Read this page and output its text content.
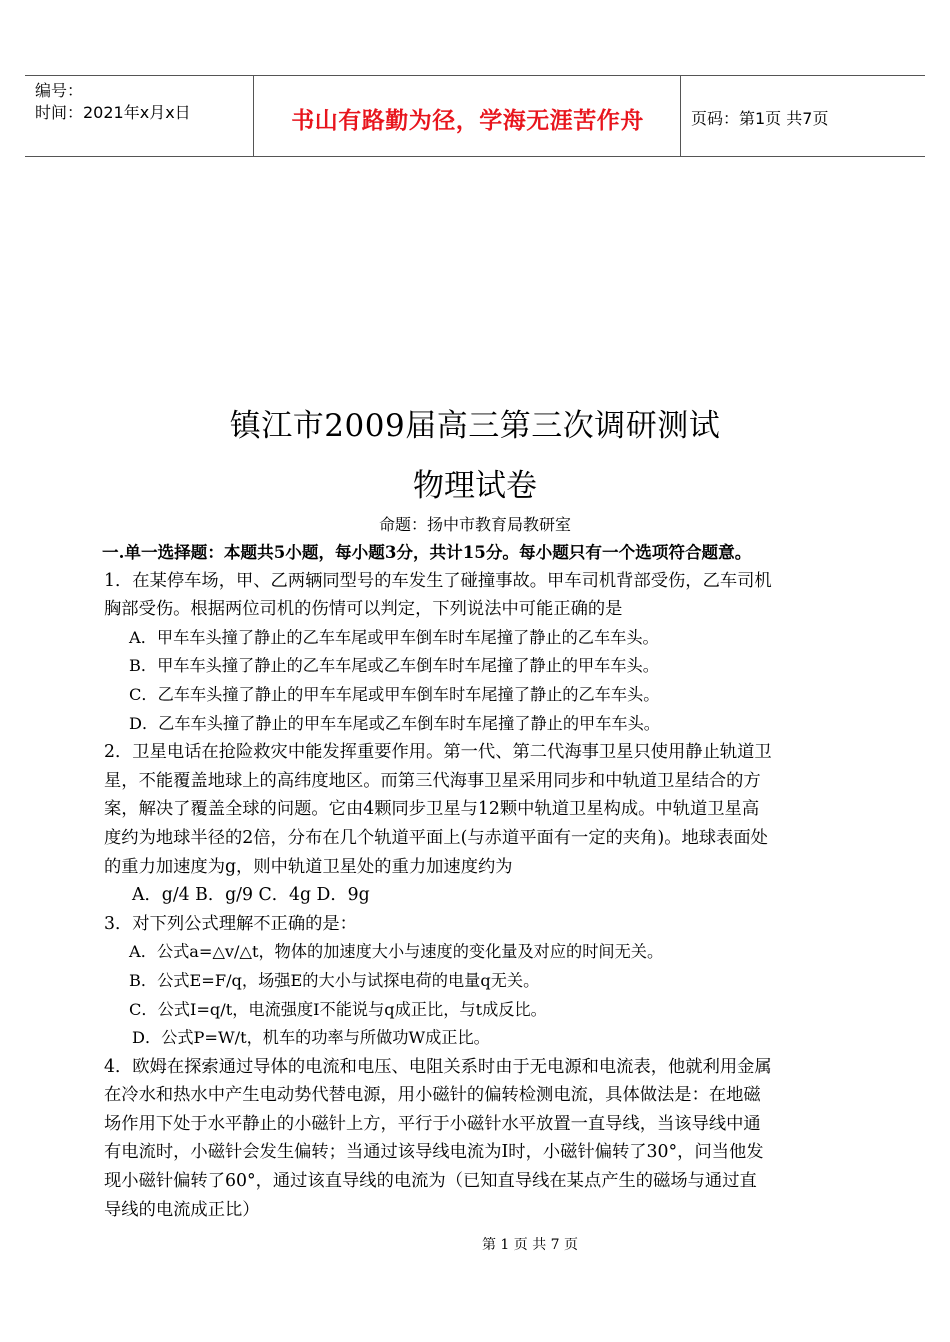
编号：
时间：2021年x月x日	书山有路勤为径，学海无涯苦作舟	页码：第1页 共7页
镇江市2009届高三第三次调研测试
物理试卷
命题：扬中市教育局教研室
一.单一选择题：本题共5小题，每小题3分，共计15分。每小题只有一个选项符合题意。
1．在某停车场，甲、乙两辆同型号的车发生了碰撞事故。甲车司机背部受伤，乙车司机
胸部受伤。根据两位司机的伤情可以判定，下列说法中可能正确的是
A．甲车车头撞了静止的乙车车尾或甲车倒车时车尾撞了静止的乙车车头。
B．甲车车头撞了静止的乙车车尾或乙车倒车时车尾撞了静止的甲车车头。
C．乙车车头撞了静止的甲车车尾或甲车倒车时车尾撞了静止的乙车车头。
D．乙车车头撞了静止的甲车车尾或乙车倒车时车尾撞了静止的甲车车头。
2．卫星电话在抢险救灾中能发挥重要作用。第一代、第二代海事卫星只使用静止轨道卫
星，不能覆盖地球上的高纬度地区。而第三代海事卫星采用同步和中轨道卫星结合的方
案，解决了覆盖全球的问题。它由4颗同步卫星与12颗中轨道卫星构成。中轨道卫星高
度约为地球半径的2倍，分布在几个轨道平面上(与赤道平面有一定的夹角)。地球表面处
的重力加速度为g，则中轨道卫星处的重力加速度约为
A．g/4 B．g/9 C．4g D．9g
3．对下列公式理解不正确的是：
A．公式a=△v/△t，物体的加速度大小与速度的变化量及对应的时间无关。
B．公式E=F/q，场强E的大小与试探电荷的电量q无关。
C．公式I=q/t，电流强度I不能说与q成正比，与t成反比。
D．公式P=W/t，机车的功率与所做功W成正比。
4．欧姆在探索通过导体的电流和电压、电阻关系时由于无电源和电流表，他就利用金属
在冷水和热水中产生电动势代替电源，用小磁针的偏转检测电流，具体做法是：在地磁
场作用下处于水平静止的小磁针上方，平行于小磁针水平放置一直导线，当该导线中通
有电流时，小磁针会发生偏转；当通过该导线电流为I时，小磁针偏转了30°，问当他发
现小磁针偏转了60°，通过该直导线的电流为（已知直导线在某点产生的磁场与通过直
导线的电流成正比）
第 1 页 共 7 页
